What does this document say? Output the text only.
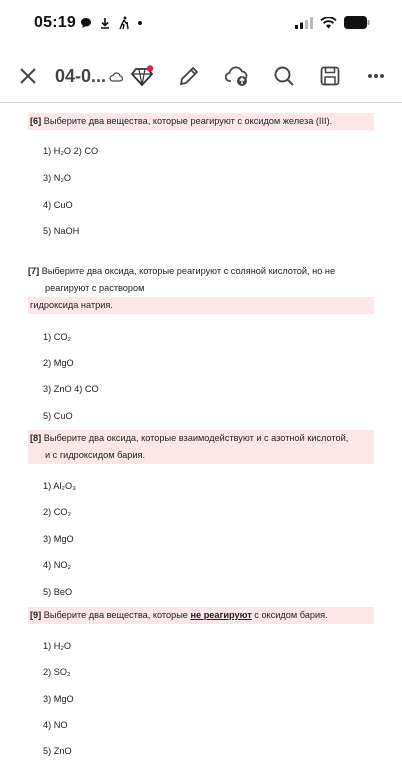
05:19
04-0...
[6] Выберите два вещества, которые реагируют с оксидом железа (III).
1) H₂O 2) CO
3) N₂O
4) CuO
5) NaOH
[7] Выберите два оксида, которые реагируют с соляной кислотой, но не
реагируют с раствором
гидроксида натрия.
1) CO₂
2) MgO
3) ZnO 4) CO
5) CuO
[8] Выберите два оксида, которые взаимодействуют и с азотной кислотой,
и с гидроксидом бария.
1) Al₂O₃
2) CO₂
3) MgO
4) NO₂
5) BeO
[9] Выберите два вещества, которые не реагируют с оксидом бария.
1) H₂O
2) SO₂
3) MgO
4) NO
5) ZnO
